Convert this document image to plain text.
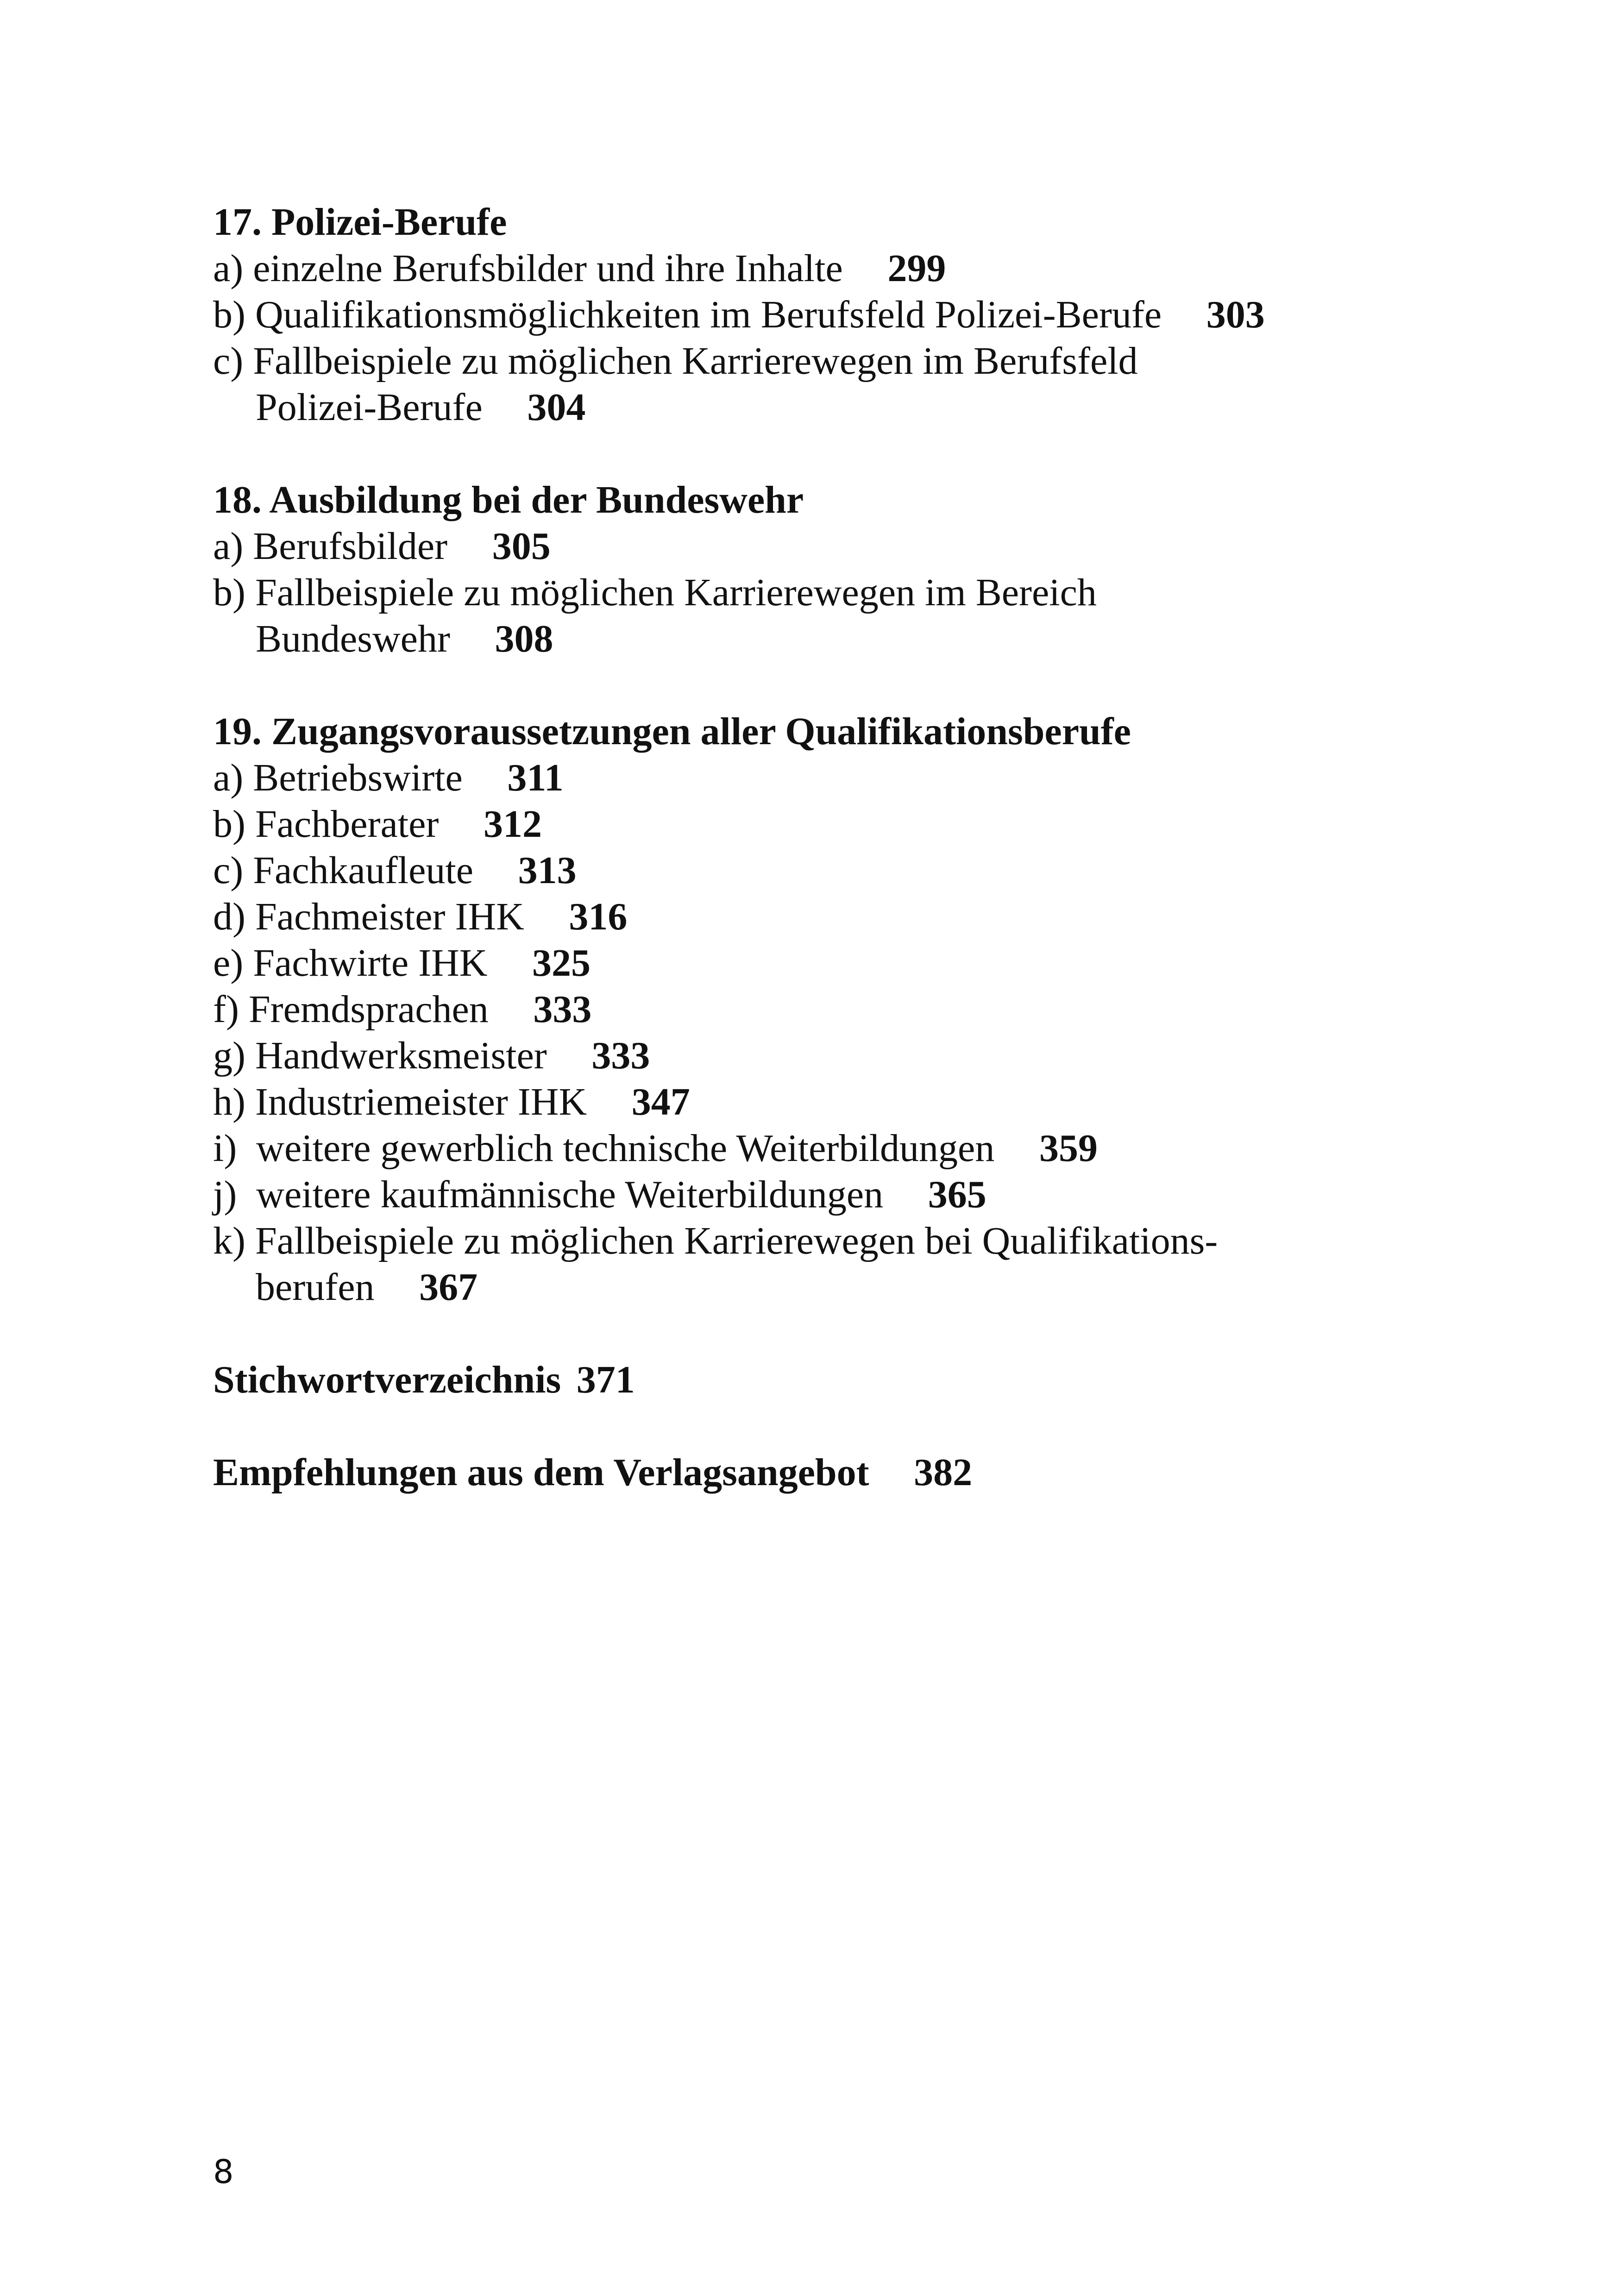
17. Polizei-Berufe
a) einzelne Berufsbilder und ihre Inhalte 299
b) Qualifikationsmöglichkeiten im Berufsfeld Polizei-Berufe 303
c) Fallbeispiele zu möglichen Karrierewegen im Berufsfeld
Polizei-Berufe 304
18. Ausbildung bei der Bundeswehr
a) Berufsbilder 305
b) Fallbeispiele zu möglichen Karrierewegen im Bereich
Bundeswehr 308
19. Zugangsvoraussetzungen aller Qualifikationsberufe
a) Betriebswirte 311
b) Fachberater 312
c) Fachkaufleute 313
d) Fachmeister IHK 316
e) Fachwirte IHK 325
f) Fremdsprachen 333
g) Handwerksmeister 333
h) Industriemeister IHK 347
i)  weitere gewerblich technische Weiterbildungen 359
j)  weitere kaufmännische Weiterbildungen 365
k) Fallbeispiele zu möglichen Karrierewegen bei Qualifikations-
berufen 367
Stichwortverzeichnis 371
Empfehlungen aus dem Verlagsangebot 382
8
